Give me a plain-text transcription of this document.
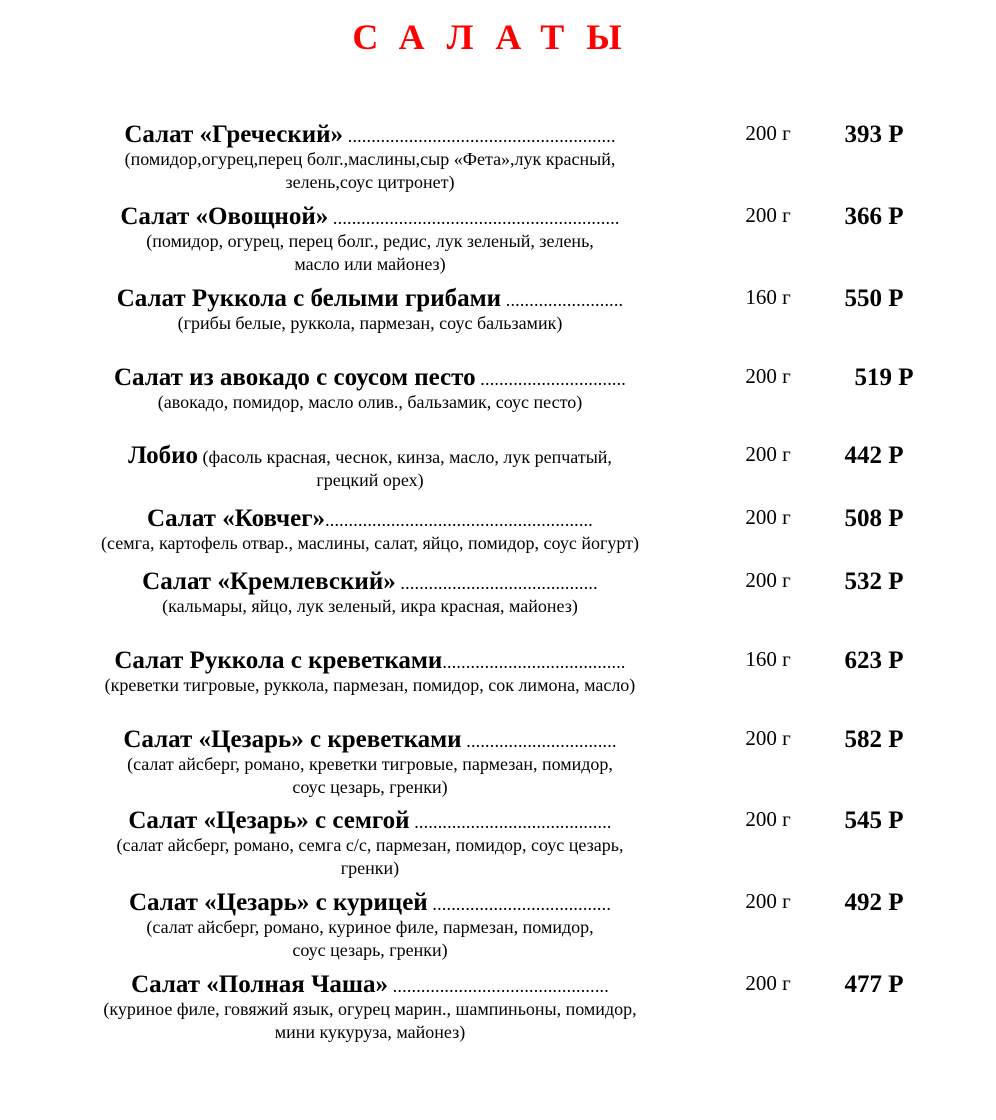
САЛАТЫ
Салат «Греческий» .........................................................
(помидор,огурец,перец болг.,маслины,сыр «Фета»,лук красный,
зелень,соус цитронет)
200 г	393 Р
Салат «Овощной» .............................................................
(помидор, огурец, перец болг., редис, лук зеленый, зелень,
масло или майонез)
200 г	366 Р
Салат Руккола с белыми грибами .........................
(грибы белые, руккола, пармезан, соус бальзамик)
160 г	550 Р
Салат из авокадо с соусом песто ...............................
(авокадо, помидор, масло олив., бальзамик, соус песто)
200 г	519 Р
Лобио (фасоль красная, чеснок, кинза, масло, лук репчатый,
грецкий орех)
200 г	442 Р
Салат «Ковчег».........................................................
(семга, картофель отвар., маслины, салат, яйцо, помидор, соус йогурт)
200 г	508 Р
Салат «Кремлевский» ..........................................
(кальмары, яйцо, лук зеленый, икра красная, майонез)
200 г	532 Р
Салат Руккола с креветками.......................................
(креветки тигровые, руккола, пармезан, помидор, сок лимона, масло)
160 г	623 Р
Салат «Цезарь» с креветками ................................
(салат айсберг, романо, креветки тигровые, пармезан, помидор,
соус цезарь, гренки)
200 г	582 Р
Салат «Цезарь» с семгой ..........................................
(салат айсберг, романо, семга с/с, пармезан, помидор, соус цезарь,
гренки)
200 г	545 Р
Салат «Цезарь» с курицей ......................................
(салат айсберг, романо, куриное филе, пармезан, помидор,
соус цезарь, гренки)
200 г	492 Р
Салат «Полная Чаша» ..............................................
(куриное филе, говяжий язык, огурец марин., шампиньоны, помидор,
мини кукуруза, майонез)
200 г	477 Р
